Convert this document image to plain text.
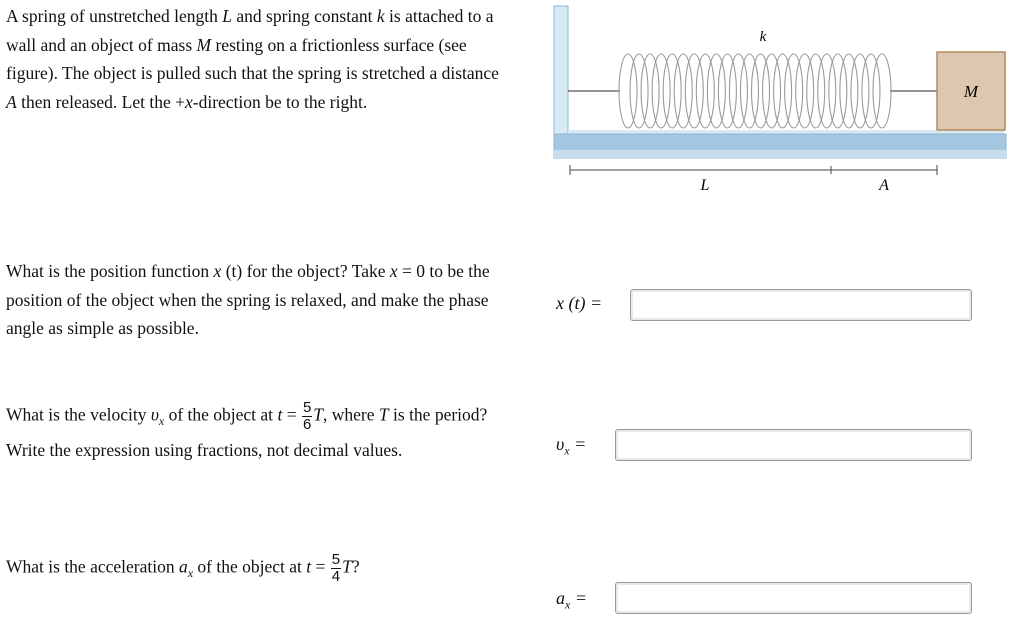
A spring of unstretched length L and spring constant k is attached to a wall and an object of mass M resting on a frictionless surface (see figure). The object is pulled such that the spring is stretched a distance A then released. Let the +x-direction be to the right.	M
k
L	A
What is the position function x (t) for the object? Take x = 0 to be the position of the object when the spring is relaxed, and make the phase angle as simple as possible.
x (t) =
What is the velocity $\upsilon_x$ of the object at $t = \frac{5}{6} T$, where T is the period? Write the expression using fractions, not decimal values.	$\upsilon_x$ =
What is the acceleration $a_x$ of the object at $t = \frac{5}{4} T$?
$a_x$ =
